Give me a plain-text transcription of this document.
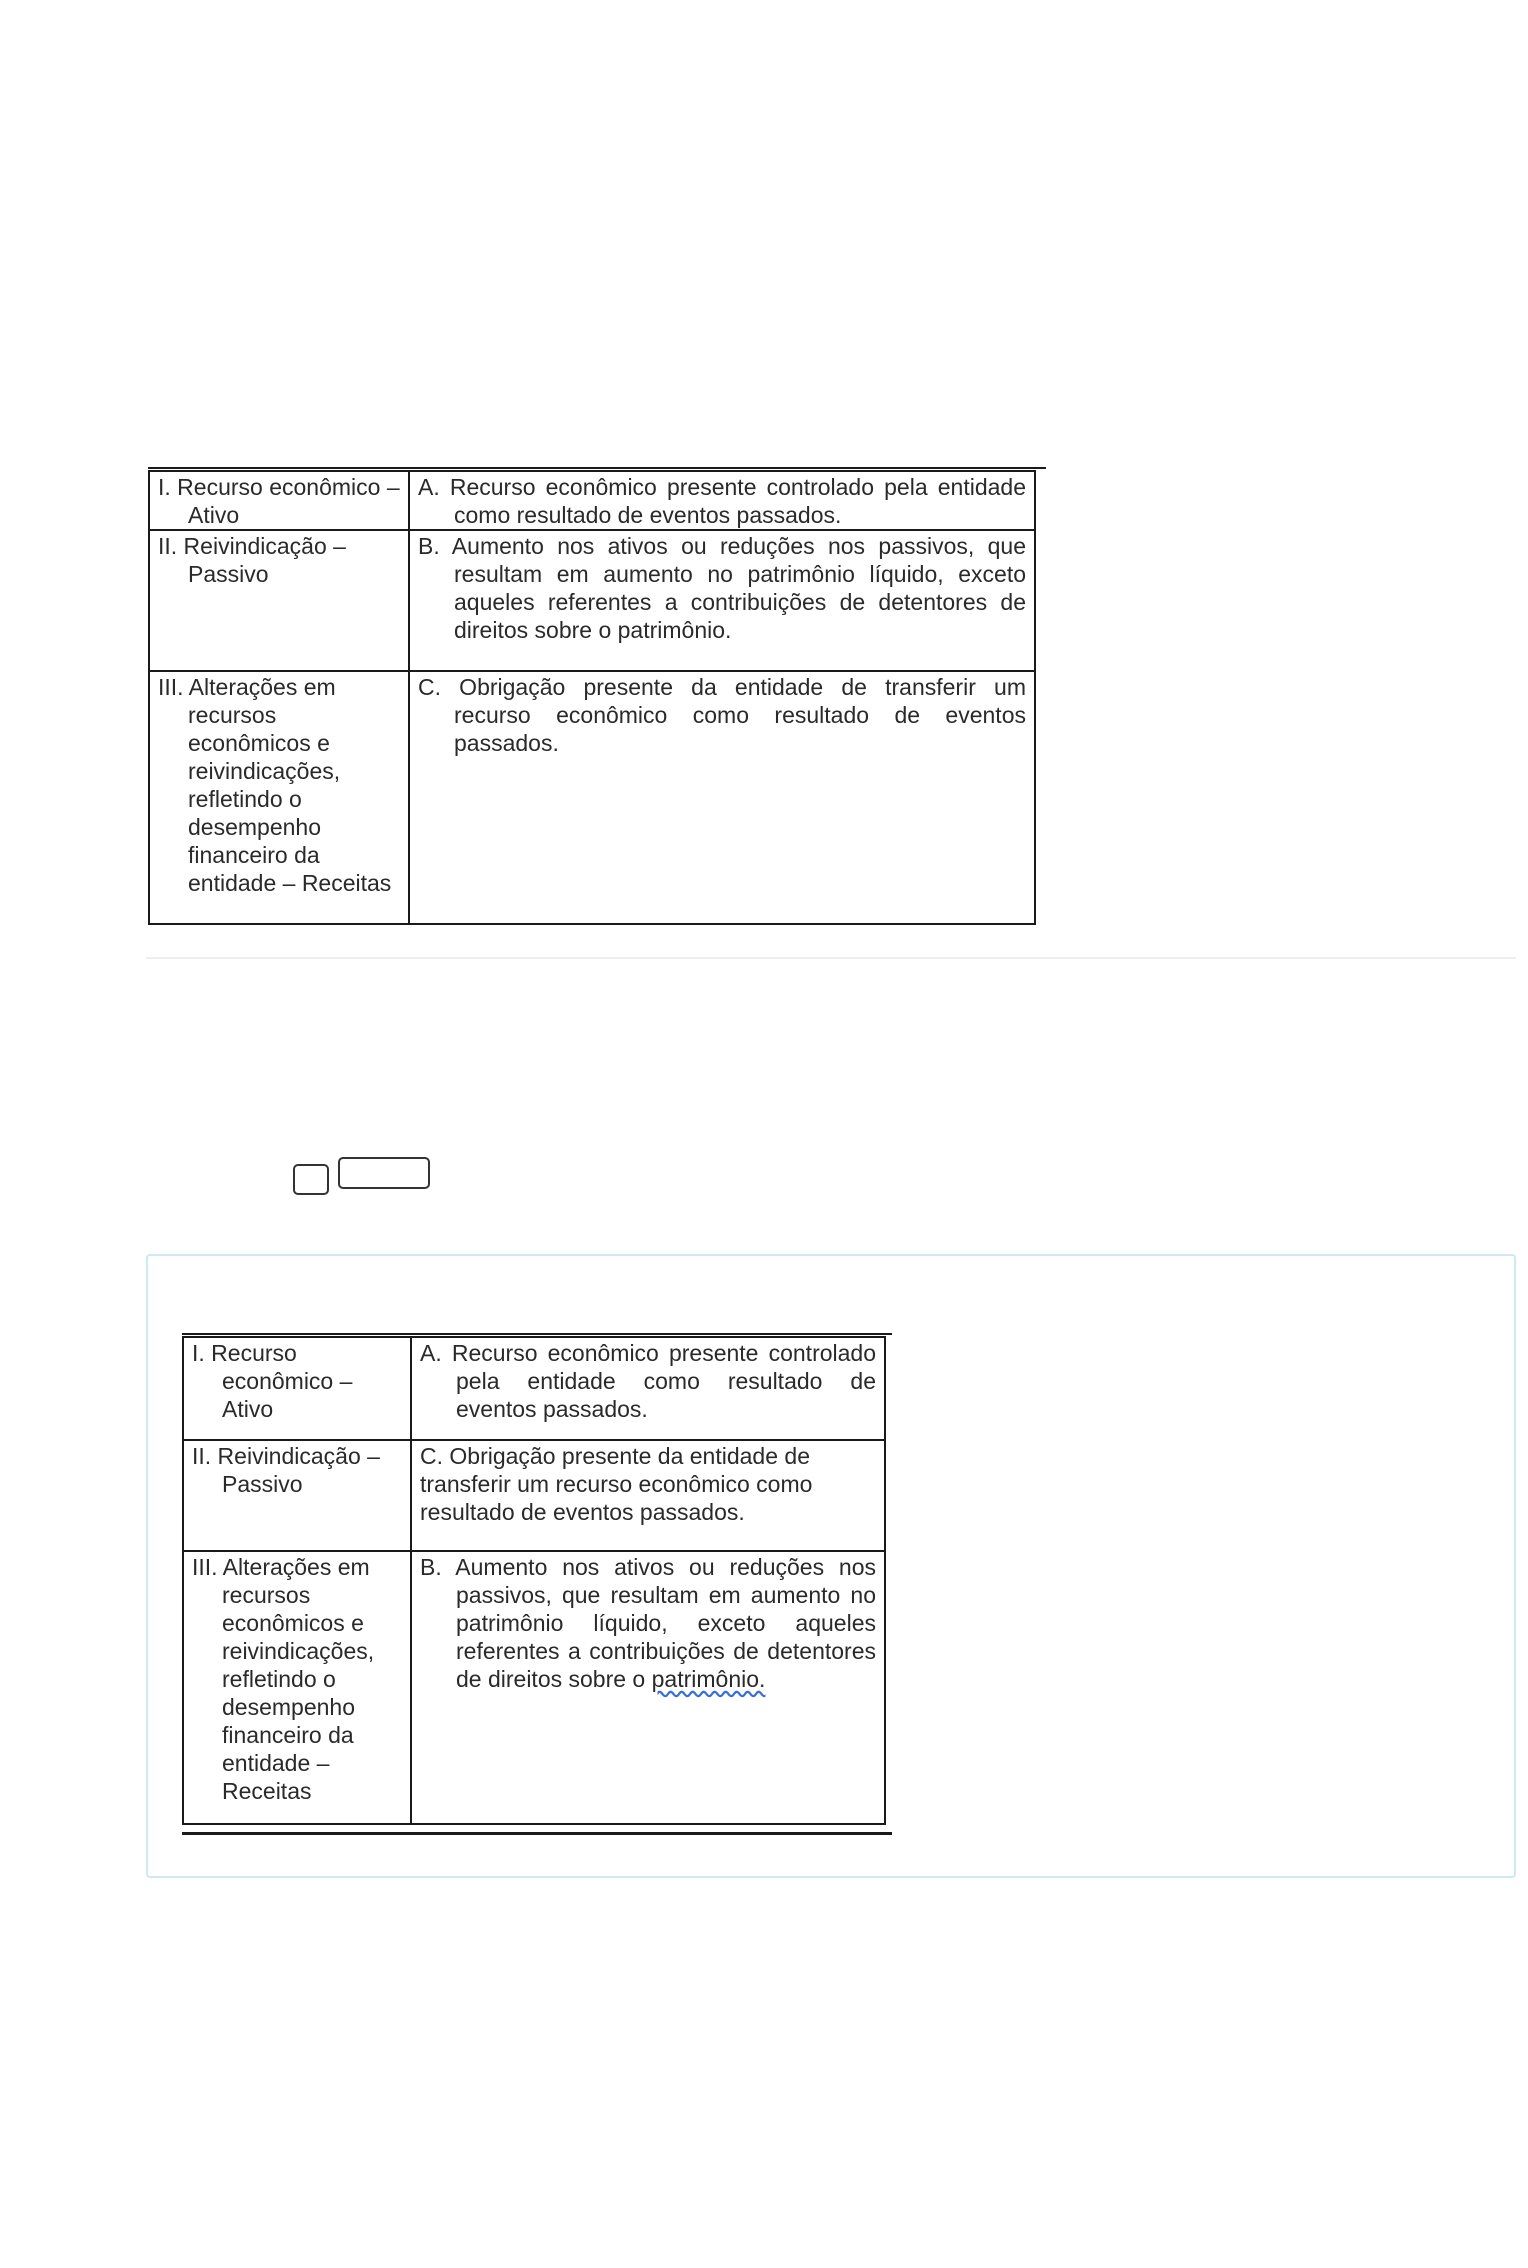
I. Recurso econômico – Ativo	A. Recurso econômico presente controlado pela entidade como resultado de eventos passados.

II. Reivindicação – Passivo	B. Aumento nos ativos ou reduções nos passivos, que resultam em aumento no patrimônio líquido, exceto aqueles referentes a contribuições de detentores de direitos sobre o patrimônio.

III. Alterações em recursos econômicos e reivindicações, refletindo o desempenho financeiro da entidade – Receitas	C. Obrigação presente da entidade de transferir um recurso econômico como resultado de eventos passados.
I. Recurso econômico – Ativo	A. Recurso econômico presente controlado pela entidade como resultado de eventos passados.

II. Reivindicação – Passivo	C. Obrigação presente da entidade de transferir um recurso econômico como resultado de eventos passados.

III. Alterações em recursos econômicos e reivindicações, refletindo o desempenho financeiro da entidade – Receitas	B. Aumento nos ativos ou reduções nos passivos, que resultam em aumento no patrimônio líquido, exceto aqueles referentes a contribuições de detentores de direitos sobre o patrimônio.
